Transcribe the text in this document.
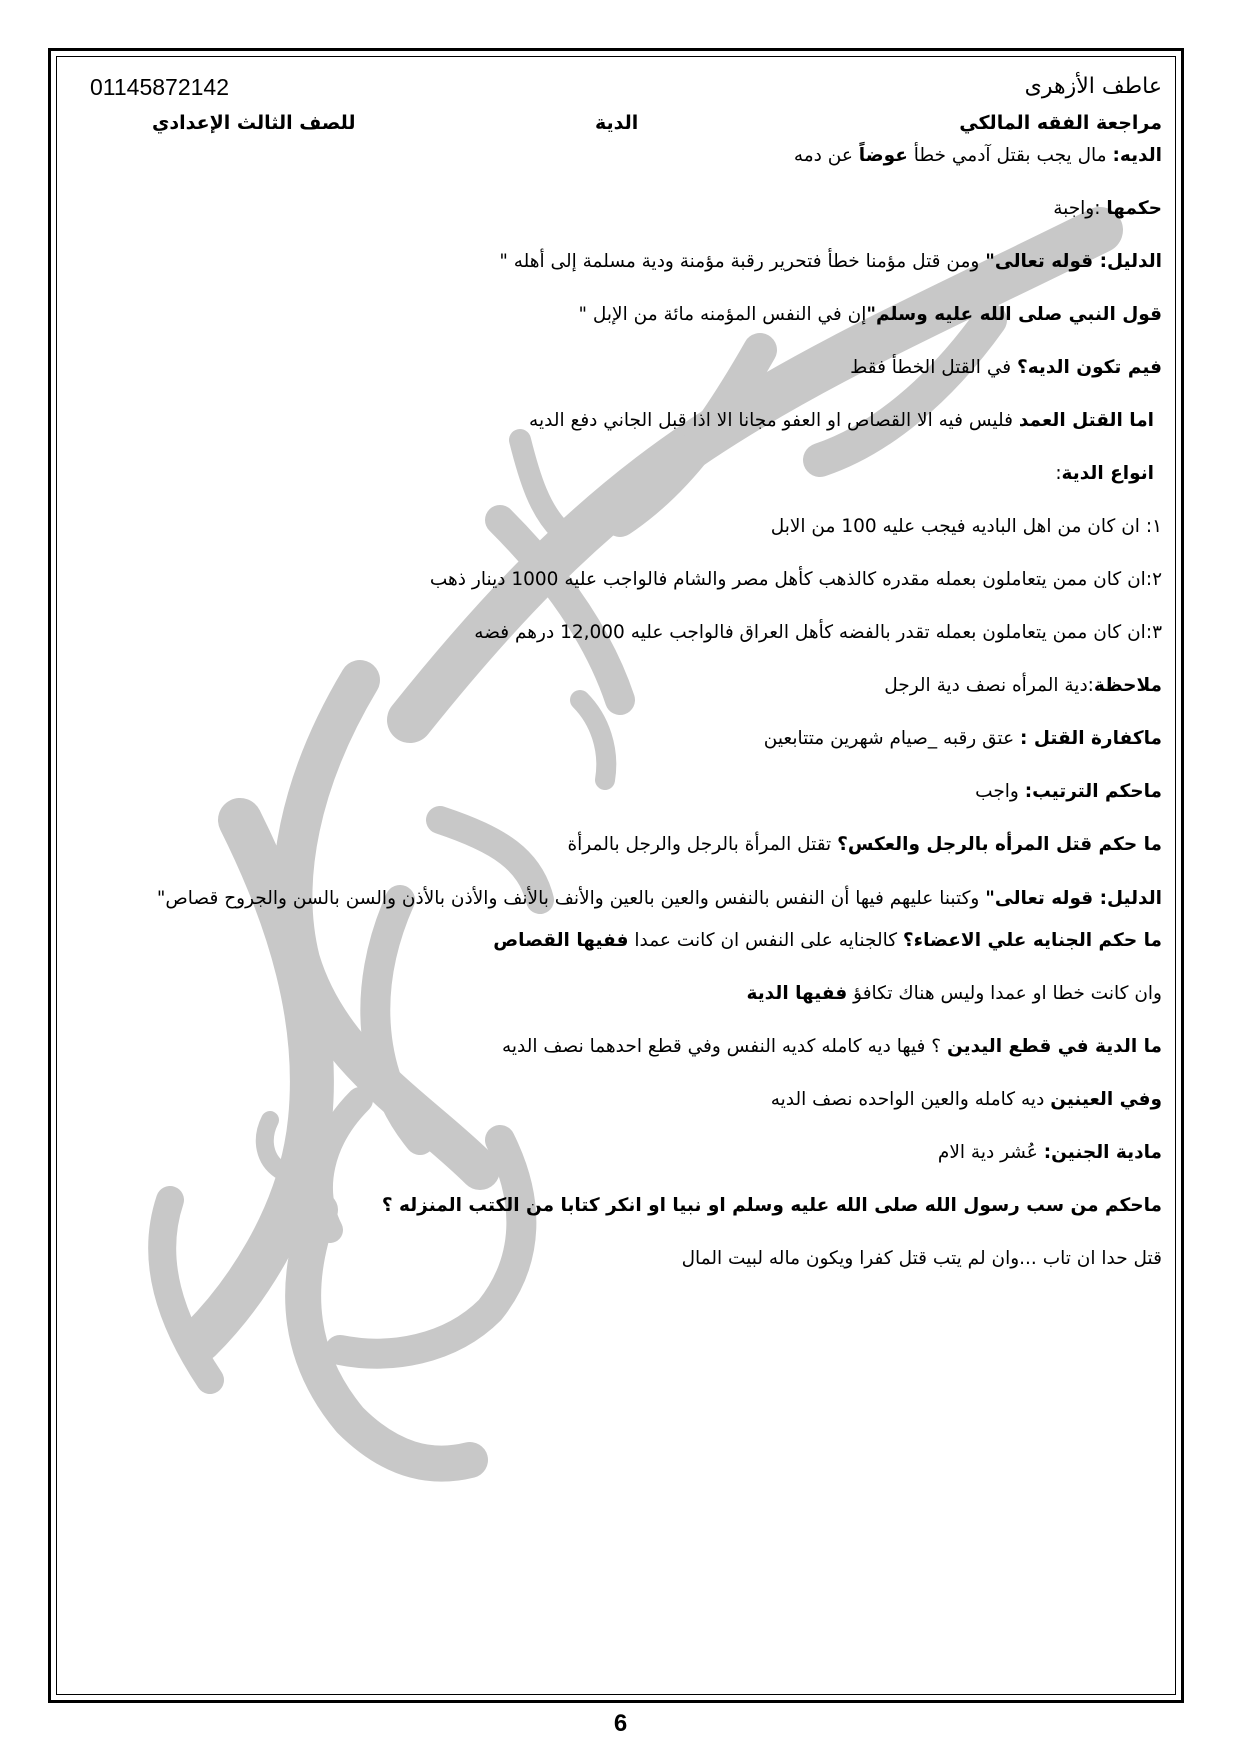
01145872142	عاطف الأزهرى
مراجعة الفقه المالكي
الدية
للصف الثالث الإعدادي

الديه: مال يجب بقتل آدمي خطأ عوضاً عن دمه

حكمها :واجبة

الدليل: قوله تعالى" ومن قتل مؤمنا خطأ فتحرير رقبة مؤمنة ودية مسلمة إلى أهله "

قول النبي صلى الله عليه وسلم"إن في النفس المؤمنه مائة من الإبل "

فيم تكون الديه؟ في القتل الخطأ فقط

اما القتل العمد فليس فيه الا القصاص او العفو مجانا الا اذا قبل الجاني دفع الديه

انواع الدية:

١: ان كان من اهل الباديه فيجب عليه 100 من الابل

٢:ان كان ممن يتعاملون بعمله مقدره كالذهب كأهل مصر والشام فالواجب عليه 1000 دينار ذهب

٣:ان كان ممن يتعاملون بعمله تقدر بالفضه كأهل العراق فالواجب عليه 12,000 درهم فضه

ملاحظة:دية المرأه نصف دية الرجل

ماكفارة القتل : عتق رقبه _صيام شهرين متتابعين

ماحكم الترتيب: واجب

ما حكم قتل المرأه بالرجل والعكس؟ تقتل المرأة بالرجل والرجل بالمرأة

الدليل: قوله تعالى" وكتبنا عليهم فيها أن النفس بالنفس والعين بالعين والأنف بالأنف والأذن بالأذن والسن بالسن والجروح قصاص"

ما حكم الجنايه علي الاعضاء؟ كالجنايه على النفس ان كانت عمدا ففيها القصاص

وان كانت خطا او عمدا وليس هناك تكافؤ ففيها الدية

ما الدية في قطع اليدين ؟ فيها ديه كامله كديه النفس وفي قطع احدهما نصف الديه

وفي العينين ديه كامله والعين الواحده نصف الديه

مادية الجنين: عُشر دية الام

ماحكم من سب رسول الله صلى الله عليه وسلم او نبيا او انكر كتابا من الكتب المنزله ؟

قتل حدا ان تاب ...وان لم يتب قتل كفرا ويكون ماله لبيت المال

6
